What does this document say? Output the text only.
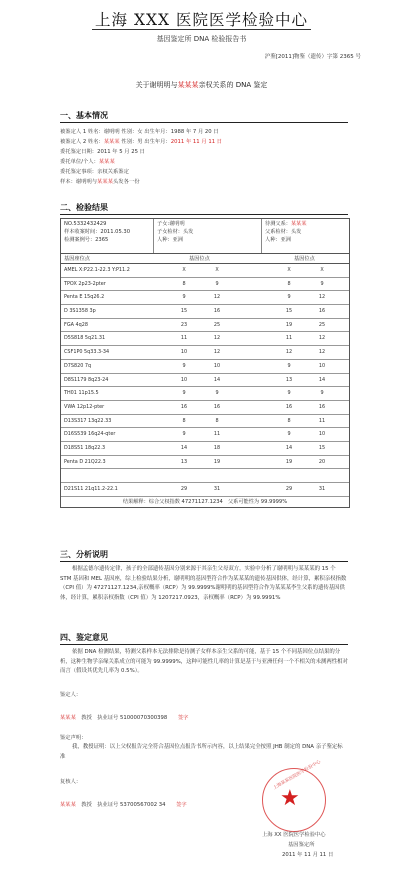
上海 XXX 医院医学检验中心
基因鉴定所 DNA 检验报告书
沪鉴[2011]物鉴（遗传）字第 2365 号
关于谢明明与某某某亲权关系的 DNA 鉴定
一、基本情况
被鉴定人 1 姓名：谢明明 性别：女 出生年月：1988 年 7 月 20 日
被鉴定人 2 姓名：某某某 性别：男 出生年月：2011 年 11 月 11 日
委托鉴定日期：2011 年 5 月 25 日
委托单位/个人：某某某
委托鉴定事项：亲权关系鉴定
样本：谢明明与某某某头发各一份
二、检验结果
NO.5332432429
样本收案时间：2011.05.30
检测案例号：2365
子女:谢明明
子女检材：头发
人种：亚洲
待测父系：某某某
父系检材：头发
人种：亚洲
基因座位点	基因位点	基因位点
AMEL X:P22.1-22.3 Y:P11.2	X	X	X	X
TPOX 2p23-2pter	8	9	8	9
Penta E 15q26.2	9	12	9	12
D 3S1358 3p	15	16	15	16
FGA 4q28	23	25	19	25
D5S818 5q21.31	11	12	11	12
CSF1P0 5q33.3-34	10	12	12	12
D7S820 7q	9	10	9	10
D8S1179 8q23-24	10	14	13	14
TH01 11p15.5	9	9	9	9
VWA 12p12-pter	16	16	16	16
D13S317 13q22.33	8	8	8	11
D16S539 16q24-qter	9	11	9	10
D18S51 18q22.3	14	18	14	15
Penta D 21Q22.3	13	19	19	20
D21S11 21q11.2-22.1	29	31	29	31
结果解释：综合父权指数 47271127.1234　父系可能性为 99.9999%
三、分析说明
根据孟德尔遗传定律，孩子的全部遗传基因分别来源于其亲生父母双方，实验中分析了谢明明与某某某的 15 个 STM 基因和 MEL 基因座，综上检验结果分析，谢明明的基因型符合作为某某某的遗传基因供体，经计算，累积亲权指数（CPI 值）为 47271127.1234,亲权概率（RCP）为 99.9999%谢明明的基因型符合作为某某某李生父系的遗传基因供体，经计算，累积亲权指数（CPI 值）为 1207217.0923，亲权概率（RCP）为 99.9991%
四、鉴定意见
依据 DNA 检测结果，特测父系样本无法排除是待测子女样本亲生父系的可能，基于 15 个不同基因位点结果的分析，这种生物学亲缘关系成立的可能为 99.9999%，这种可能性几率的计算是基于与亚洲任何一个不相关的未测两性相对而言（假设其优先几率为 0.5%）。
鉴定人：
某某某　 教授　 执业证号 51000070300398　　 签字
鉴定声明：
我，教授证明：以上父权报告完全符合基因位点报告书所示内容，以上结果完全按照 JHB 制定的 DNA 亲子鉴定标准
复核人：
某某某　 教授　 执业证号 53700567002 34　　 签字	★
上海某某医院医学检验中心
上海 XX 医院医学检验中心
基因鉴定所
2011 年 11 月 11 日
